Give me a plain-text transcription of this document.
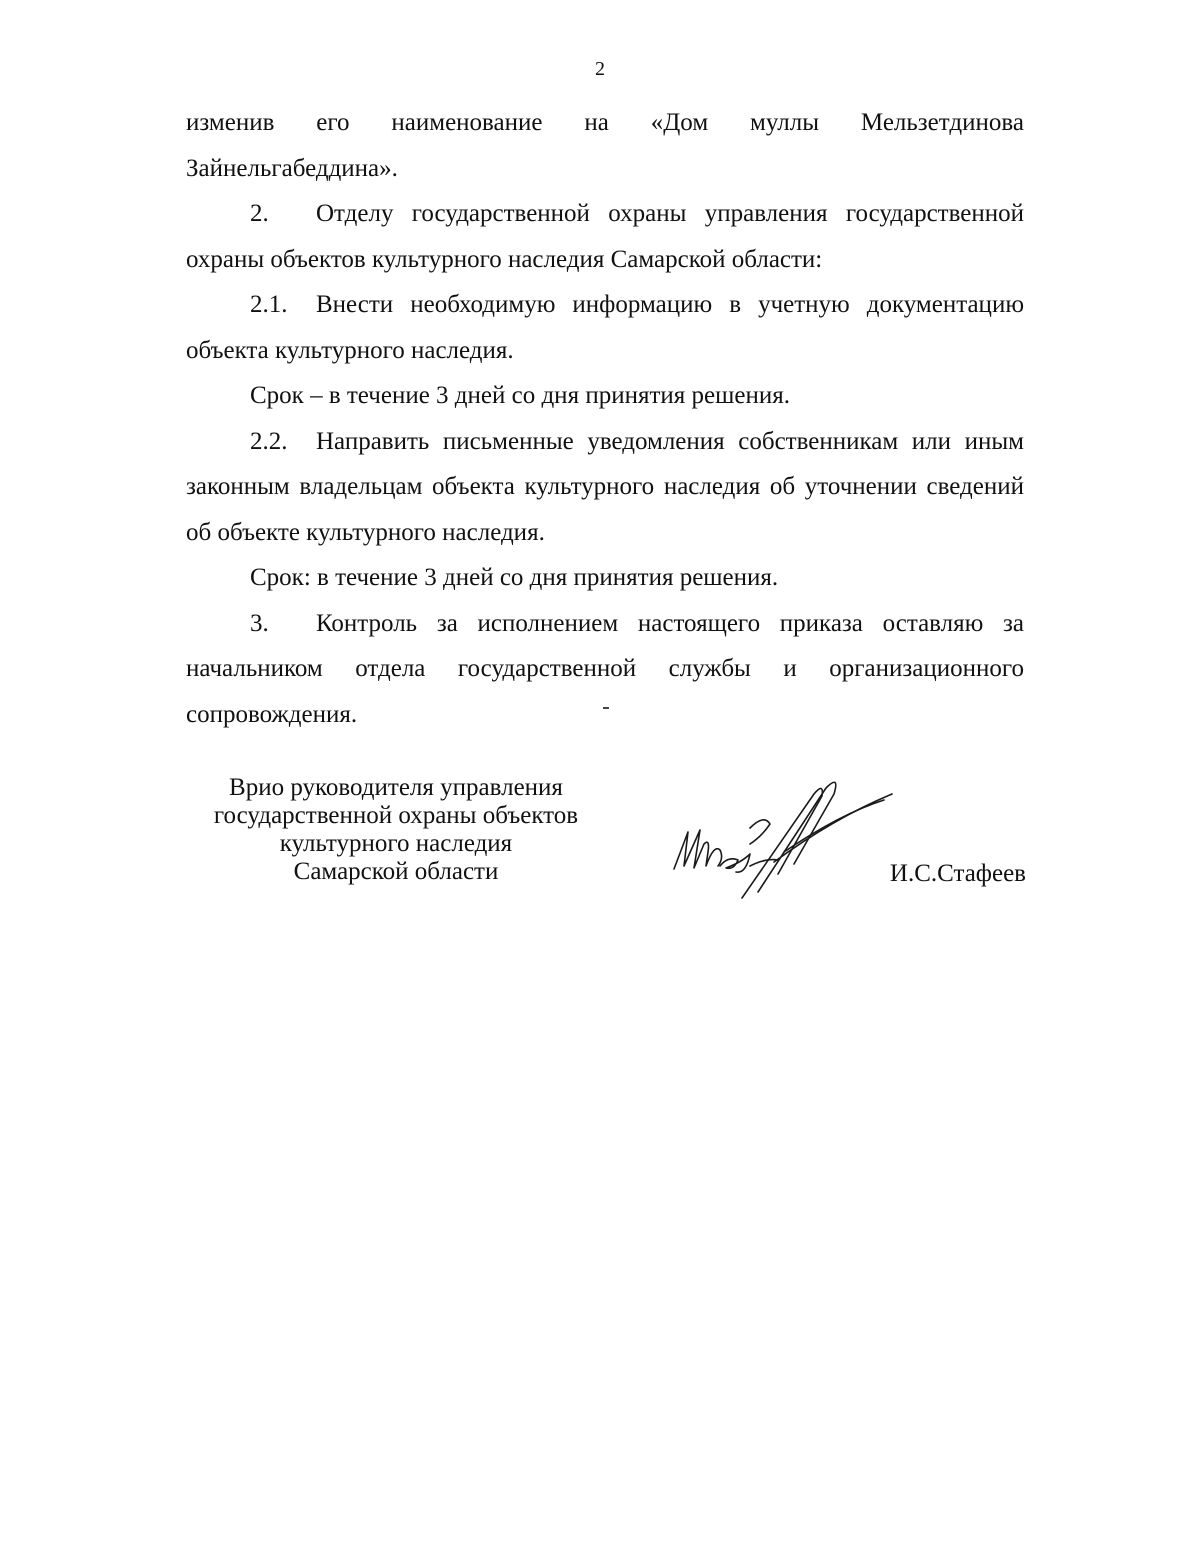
2

изменив его наименование на «Дом муллы Мельзетдинова

Зайнельгабеддина».

2. Отделу государственной охраны управления государственной охраны объектов культурного наследия Самарской области:

2.1. Внести необходимую информацию в учетную документацию объекта культурного наследия.

Срок – в течение 3 дней со дня принятия решения.

2.2. Направить письменные уведомления собственникам или иным законным владельцам объекта культурного наследия об уточнении сведений об объекте культурного наследия.

Срок: в течение 3 дней со дня принятия решения.

3. Контроль за исполнением настоящего приказа оставляю за начальником отдела государственной службы и организационного сопровождения.

Врио руководителя управления
государственной охраны объектов
культурного наследия
Самарской области	И.С.Стафеев
